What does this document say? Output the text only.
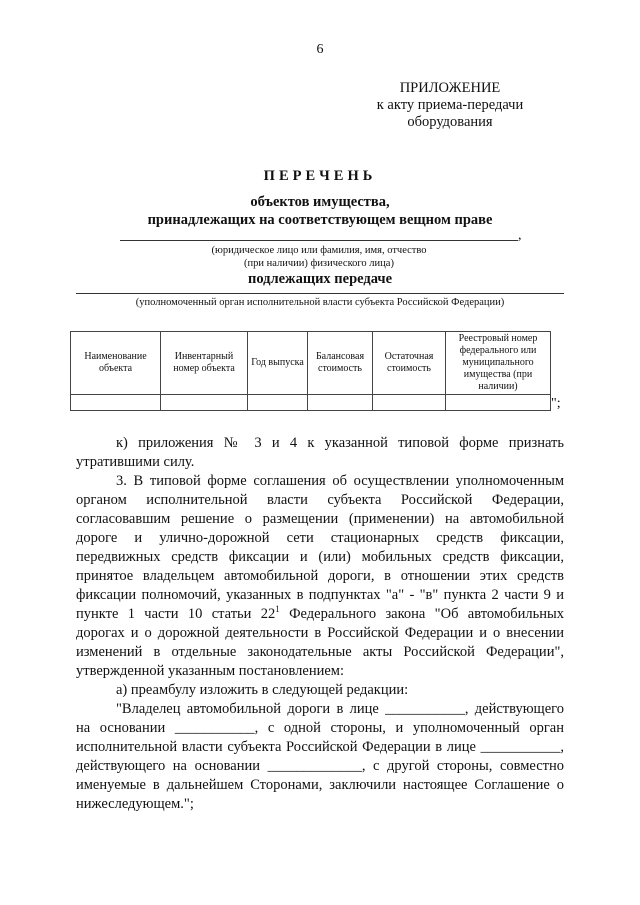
6
ПРИЛОЖЕНИЕ
к акту приема-передачи
оборудования
ПЕРЕЧЕНЬ
объектов имущества,
принадлежащих на соответствующем вещном праве
,
(юридическое лицо или фамилия, имя, отчество
(при наличии) физического лица)
подлежащих передаче
(уполномоченный орган исполнительной власти субъекта Российской Федерации)
Наименование объекта	Инвентарный номер объекта	Год выпуска	Балансовая стоимость	Остаточная стоимость	Реестровый номер федерального или муниципального имущества (при наличии)

";

к) приложения № 3 и 4 к указанной типовой форме признать утратившими силу.

3. В типовой форме соглашения об осуществлении уполномоченным органом исполнительной власти субъекта Российской Федерации, согласовавшим решение о размещении (применении) на автомобильной дороге и улично-дорожной сети стационарных средств фиксации, передвижных средств фиксации и (или) мобильных средств фиксации, принятое владельцем автомобильной дороги, в отношении этих средств фиксации полномочий, указанных в подпунктах "а" - "в" пункта 2 части 9 и пункте 1 части 10 статьи $22^1$ Федерального закона "Об автомобильных дорогах и о дорожной деятельности в Российской Федерации и о внесении изменений в отдельные законодательные акты Российской Федерации", утвержденной указанным постановлением:

а) преамбулу изложить в следующей редакции:

"Владелец автомобильной дороги в лице ___________, действующего на основании ___________, с одной стороны, и уполномоченный орган исполнительной власти субъекта Российской Федерации в лице ___________, действующего на основании _____________, с другой стороны, совместно именуемые в дальнейшем Сторонами, заключили настоящее Соглашение о нижеследующем.";
